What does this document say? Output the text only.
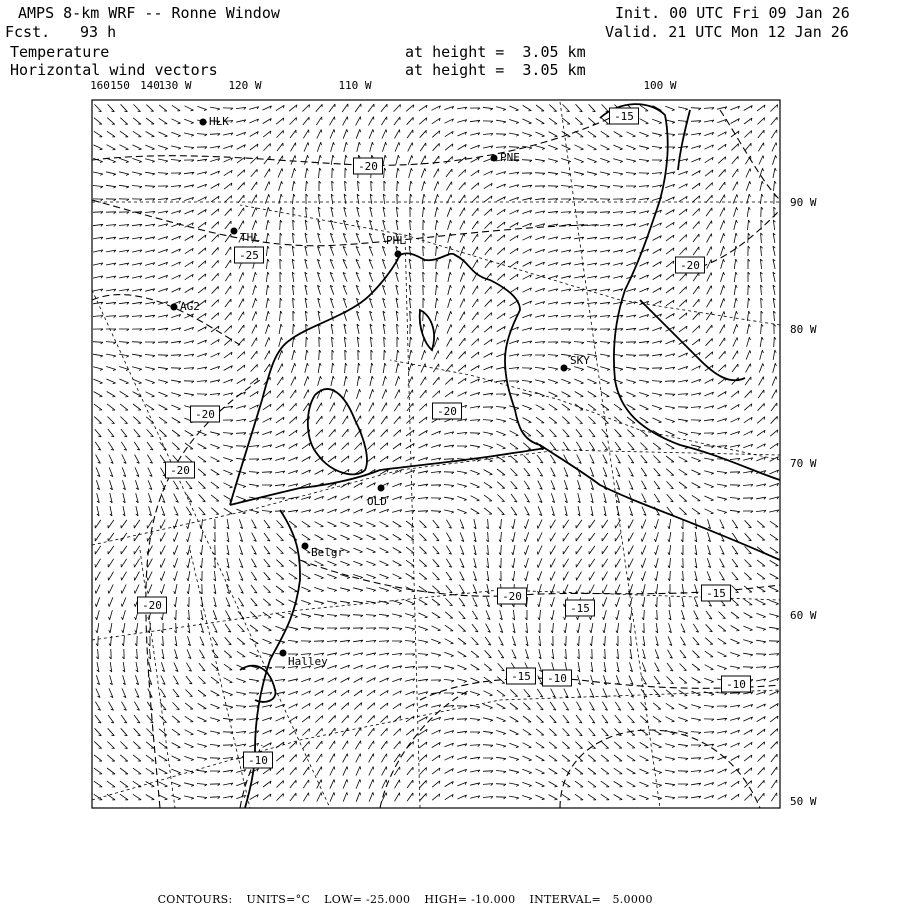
AMPS 8-km WRF -- Ronne Window
Fcst. 93 h
Init. 00 UTC Fri 09 Jan 26
Valid. 21 UTC Mon 12 Jan 26
Temperature
Horizontal wind vectors
at height =  3.05 km
at height =  3.05 km
HLK
PNE
THL	PHL
AG2
SKY
OLD
Belgr
Halley
-15
-20
-25
-20
-20
-20
-20
-20
-20
-15
-15
-15 -10	-10
-10
160 150 140
130 W	120 W	110 W	100 W
90 W
80 W
70 W
60 W
50 W

CONTOURS: UNITS=°C LOW= -25.000 HIGH= -10.000 INTERVAL=   5.0000
